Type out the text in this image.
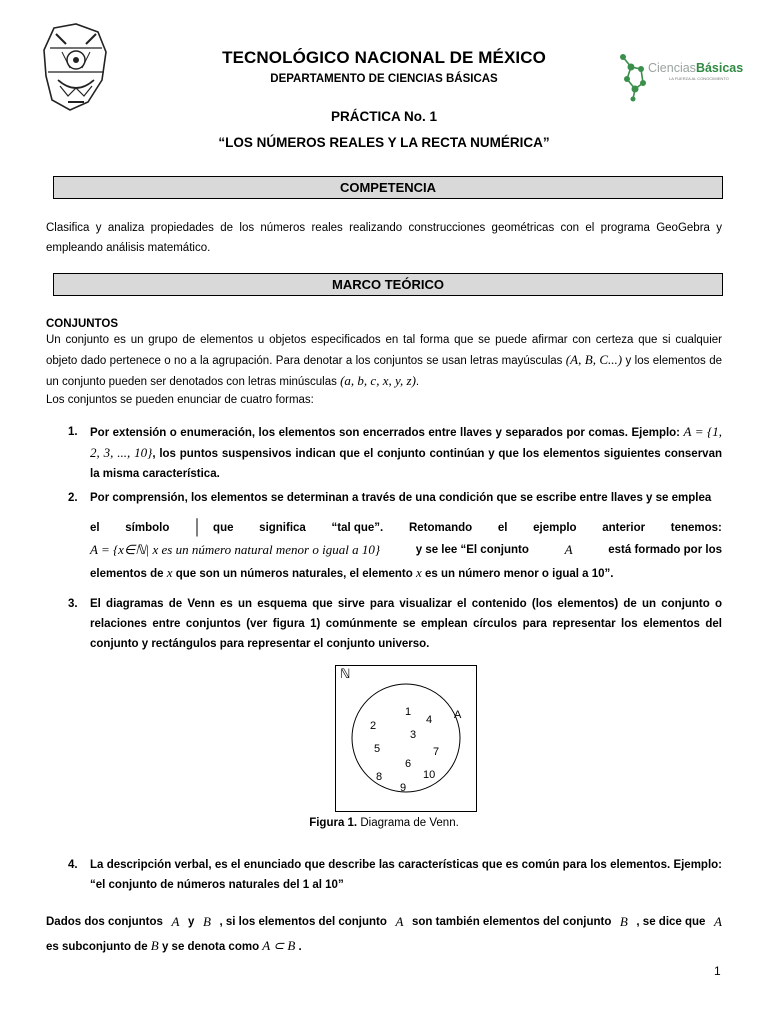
CienciasBásicas
LA FUERZA AL CONOCIMIENTO
TECNOLÓGICO NACIONAL DE MÉXICO
DEPARTAMENTO DE CIENCIAS BÁSICAS
PRÁCTICA No. 1
“LOS NÚMEROS REALES Y LA RECTA NUMÉRICA”
COMPETENCIA
Clasifica y analiza propiedades de los números reales realizando construcciones geométricas con el programa GeoGebra y empleando análisis matemático.
MARCO TEÓRICO
CONJUNTOS
Un conjunto es un grupo de elementos u objetos especificados en tal forma que se puede afirmar con certeza que si cualquier objeto dado pertenece o no a la agrupación. Para denotar a los conjuntos se usan letras mayúsculas (A, B, C...) y los elementos de un conjunto pueden ser denotados con letras minúsculas (a, b, c, x, y, z).
Los conjuntos se pueden enunciar de cuatro formas:
1. Por extensión o enumeración, los elementos son encerrados entre llaves y separados por comas. Ejemplo: A = {1, 2, 3, ..., 10}, los puntos suspensivos indican que el conjunto continúan y que los elementos siguientes conservan la misma característica.
2. Por comprensión, los elementos se determinan a través de una condición que se escribe entre llaves y se emplea
el símbolo | que significa “tal que”. Retomando el ejemplo anterior tenemos:
A = {x∈ℕ| x es un número natural menor o igual a 10}	y se lee “El conjunto	A	está formado por los
elementos de x que son un números naturales, el elemento x es un número menor o igual a 10”.
3. El diagramas de Venn es un esquema que sirve para visualizar el contenido (los elementos) de un conjunto o relaciones entre conjuntos (ver figura 1) comúnmente se emplean círculos para representar los elementos del conjunto y rectángulos para representar el conjunto universo.
ℕ
A
1
2
3
4
5
6
7
8
9
10
Figura 1. Diagrama de Venn.
4. La descripción verbal, es el enunciado que describe las características que es común para los elementos. Ejemplo: “el conjunto de números naturales del 1 al 10”
Dados dos conjuntos A y B , si los elementos del conjunto A son también elementos del conjunto B , se dice que A
es subconjunto de B y se denota como A ⊂ B .
1
